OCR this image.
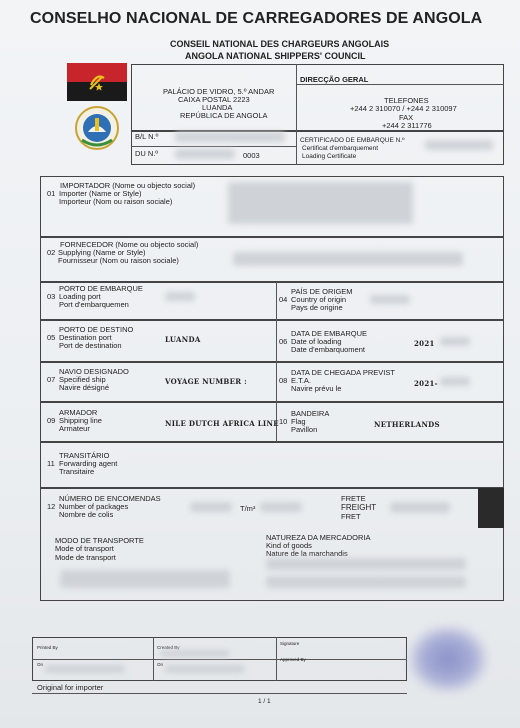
CONSELHO NACIONAL DE CARREGADORES DE ANGOLA
CONSEIL NATIONAL DES CHARGEURS ANGOLAIS
ANGOLA NATIONAL SHIPPERS' COUNCIL
DIRECÇÃO GERAL
PALÁCIO DE VIDRO, 5.º ANDAR
CAIXA POSTAL 2223
LUANDA
REPÚBLICA DE ANGOLA
TELEFONES
+244 2 310070 / +244 2 310097
FAX
+244 2 311776
B/L N.º
DU N.º	0003
CERTIFICADO DE EMBARQUE N.º
Certificat d'embarquement
Loading Certificate
IMPORTADOR (Nome ou objecto social)
01 Importer (Name or Style)
Importeur (Nom ou raison sociale)
FORNECEDOR (Nome ou objecto social)
02 Supplying (Name or Style)
Fournisseur (Nom ou raison sociale)
PORTO DE EMBARQUE
03 Loading port
Port d'embarquemen
PAÍS DE ORIGEM
04 Country of origin
Pays de origine
PORTO DE DESTINO
05 Destination port
Port de destination
LUANDA
DATA DE EMBARQUE
06 Date of loading
Date d'embarquoment
2021
NAVIO DESIGNADO
07 Specified ship
Navire désigné
VOYAGE NUMBER :
DATA DE CHEGADA PREVIST
08 E.T.A.
Navire prévu le
2021-
ARMADOR
09 Shipping line
Armateur
NILE DUTCH AFRICA LINE
BANDEIRA
10 Flag
Pavillon
NETHERLANDS
TRANSITÁRIO
11 Forwarding agent
Transitaire
NÚMERO DE ENCOMENDAS
12 Number of packages
Nombre de colis
T/m³
FRETE
FREIGHT
FRET
MODO DE TRANSPORTE
Mode of transport
Mode de transport
NATUREZA DA MERCADORIA
Kind of goods
Nature de la marchandis
Printed By
On
Created By
On
Signature
Approved By
Original for importer
1 / 1
